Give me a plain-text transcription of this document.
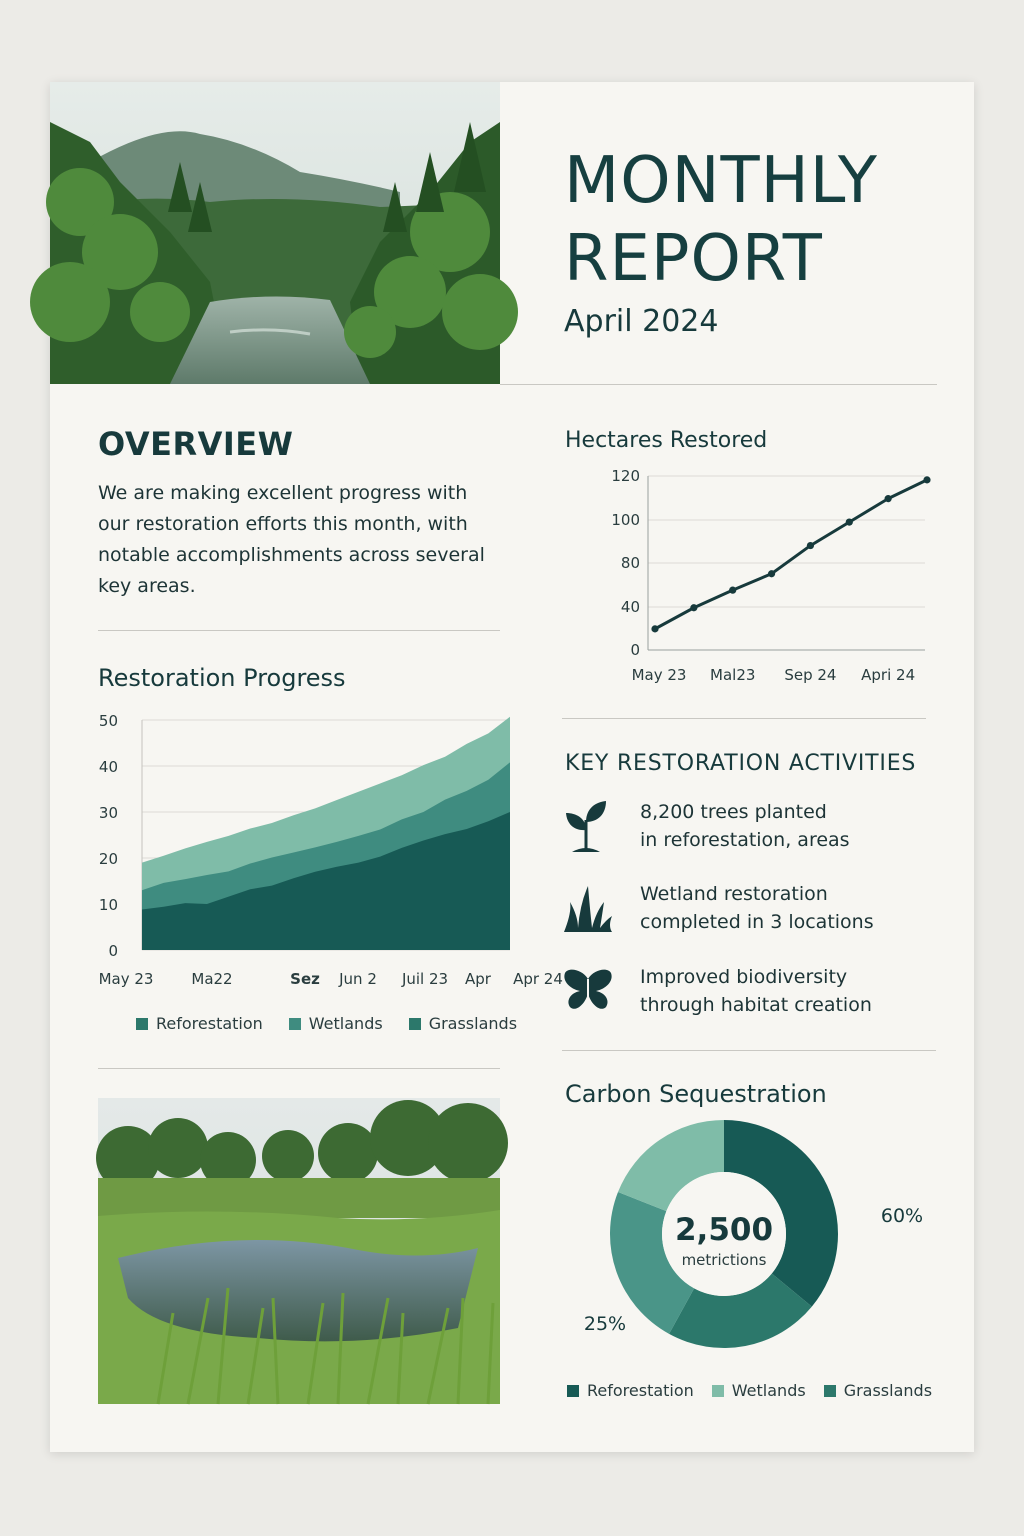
MONTHLY
REPORT
April 2024
OVERVIEW
We are making excellent progress with our restoration efforts this month, with notable accomplishments across several key areas.
Restoration Progress
50
40
30
20
10
0
May 23	Ma22	Sez Jun 2 Juil 23 Apr Apr 24
Reforestation	Wetlands	Grasslands
Hectares Restored
120
100
80
40
0
May 23 Mal23 Sep 24 Apri 24
KEY RESTORATION ACTIVITIES
8,200 trees planted
in reforestation, areas
Wetland restoration
completed in 3 locations
Improved biodiversity
through habitat creation
Carbon Sequestration
2,500
metrictions
60%
25%
Reforestation Wetlands Grasslands
